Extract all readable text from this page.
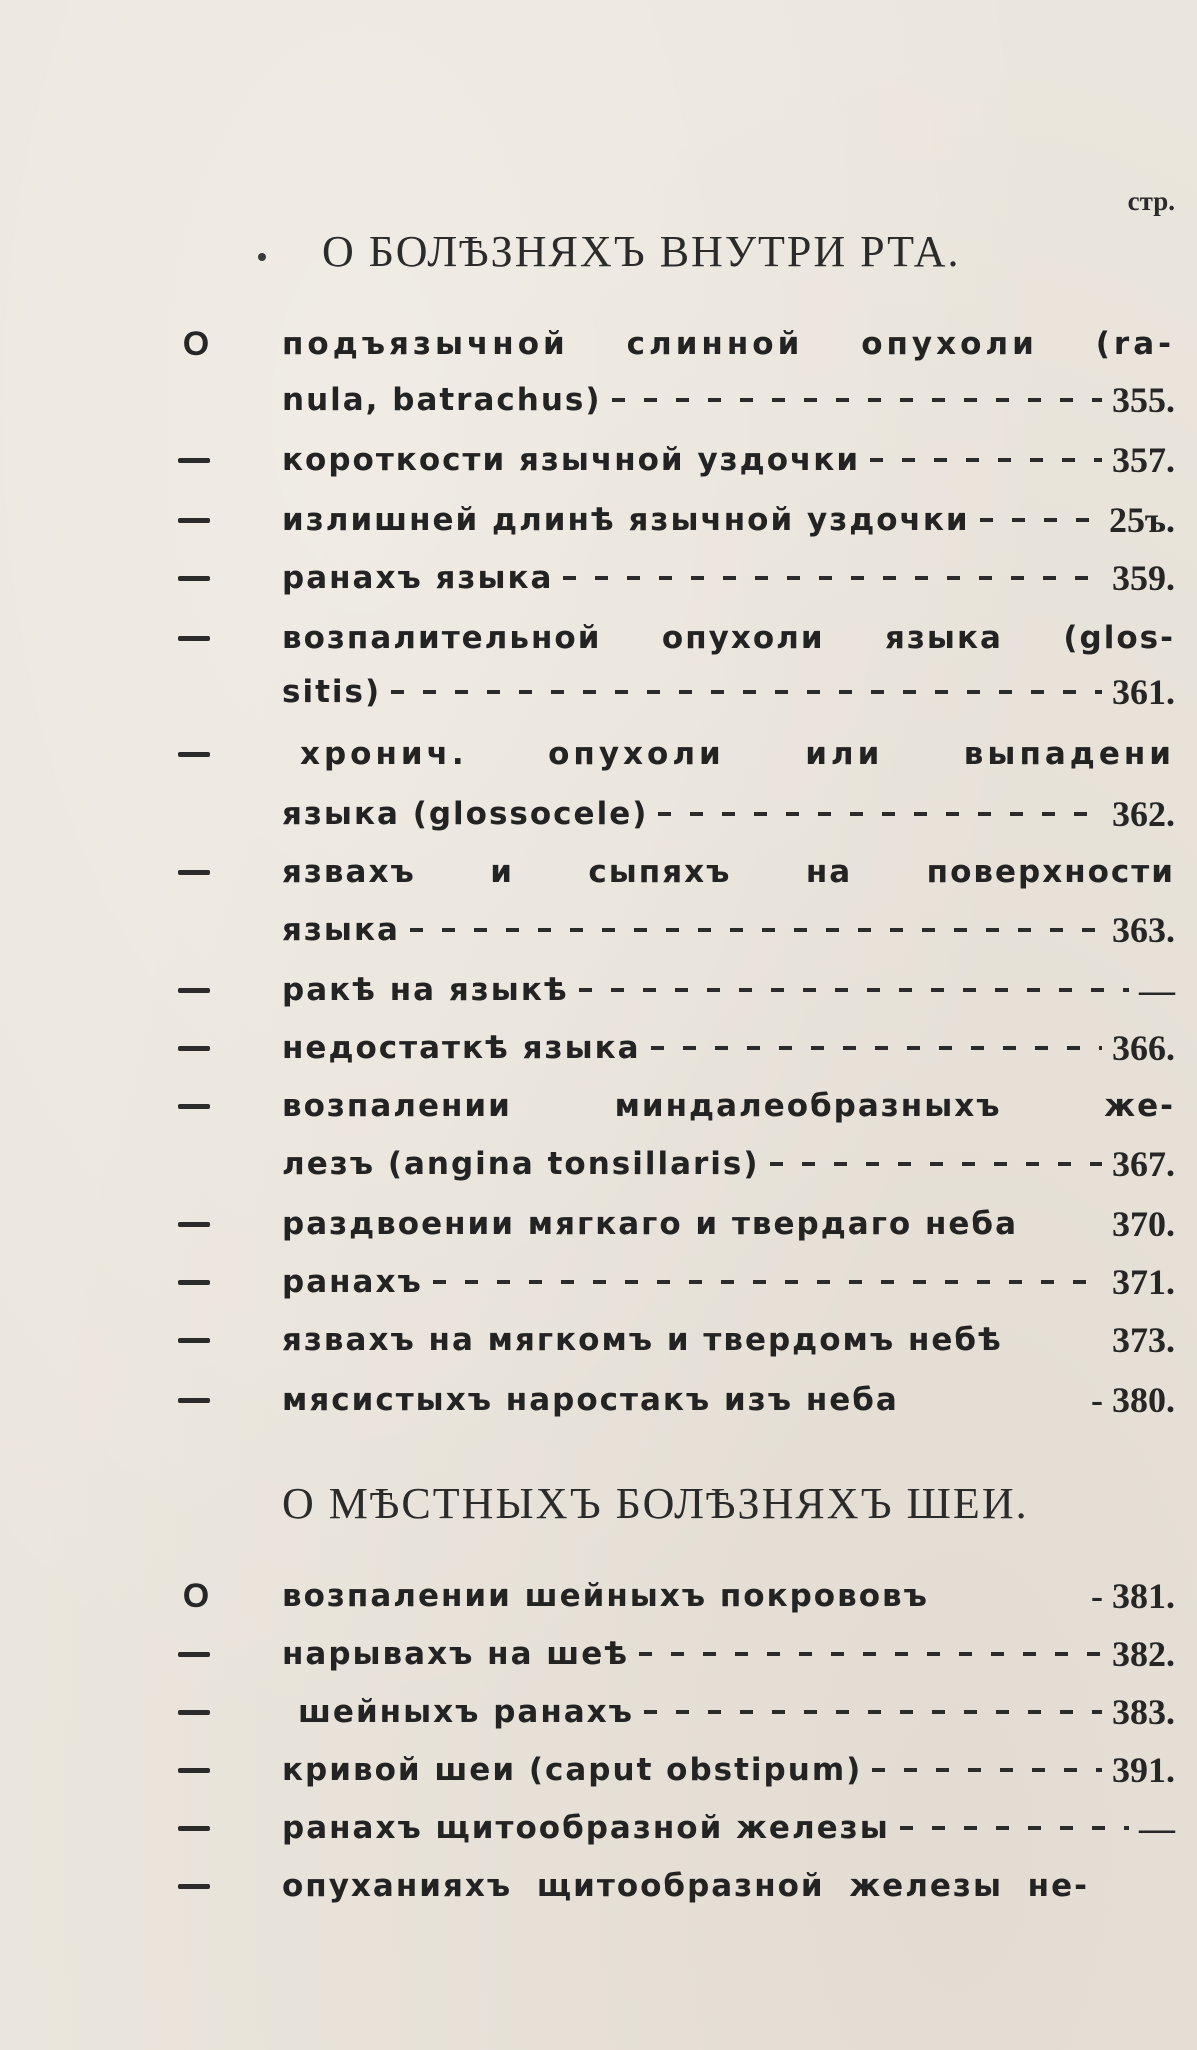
стр.
О БОЛѢЗНЯХЪ ВНУТРИ РТА.
О подъязычной слинной опухоли (ra-
nula, batrachus)	355.
короткости язычной уздочки	357.
излишней длинѣ язычной уздочки	25ъ.
ранахъ языка	359.
возпалительной опухоли языка (glos-
sitis)	361.
хронич. опухоли или выпадени
языка (glossocele)	362.
язвахъ и сыпяхъ на поверхности
языка	363.
ракѣ на языкѣ	—
недостаткѣ языка	366.
возпалении миндалеобразныхъ же-
лезъ (angina tonsillaris)	367.
раздвоении мягкаго и твердаго неба	370.
ранахъ	371.
язвахъ на мягкомъ и твердомъ небѣ	373.
мясистыхъ наростакъ изъ неба	- 380.
О МѢСТНЫХЪ БОЛѢЗНЯХЪ ШЕИ.
О возпалении шейныхъ покрововъ	- 381.
нарывахъ на шеѣ	382.
шейныхъ ранахъ	383.
кривой шеи (caput obstipum)	391.
ранахъ щитообразной железы	—
опуханияхъ щитообразной железы не-
